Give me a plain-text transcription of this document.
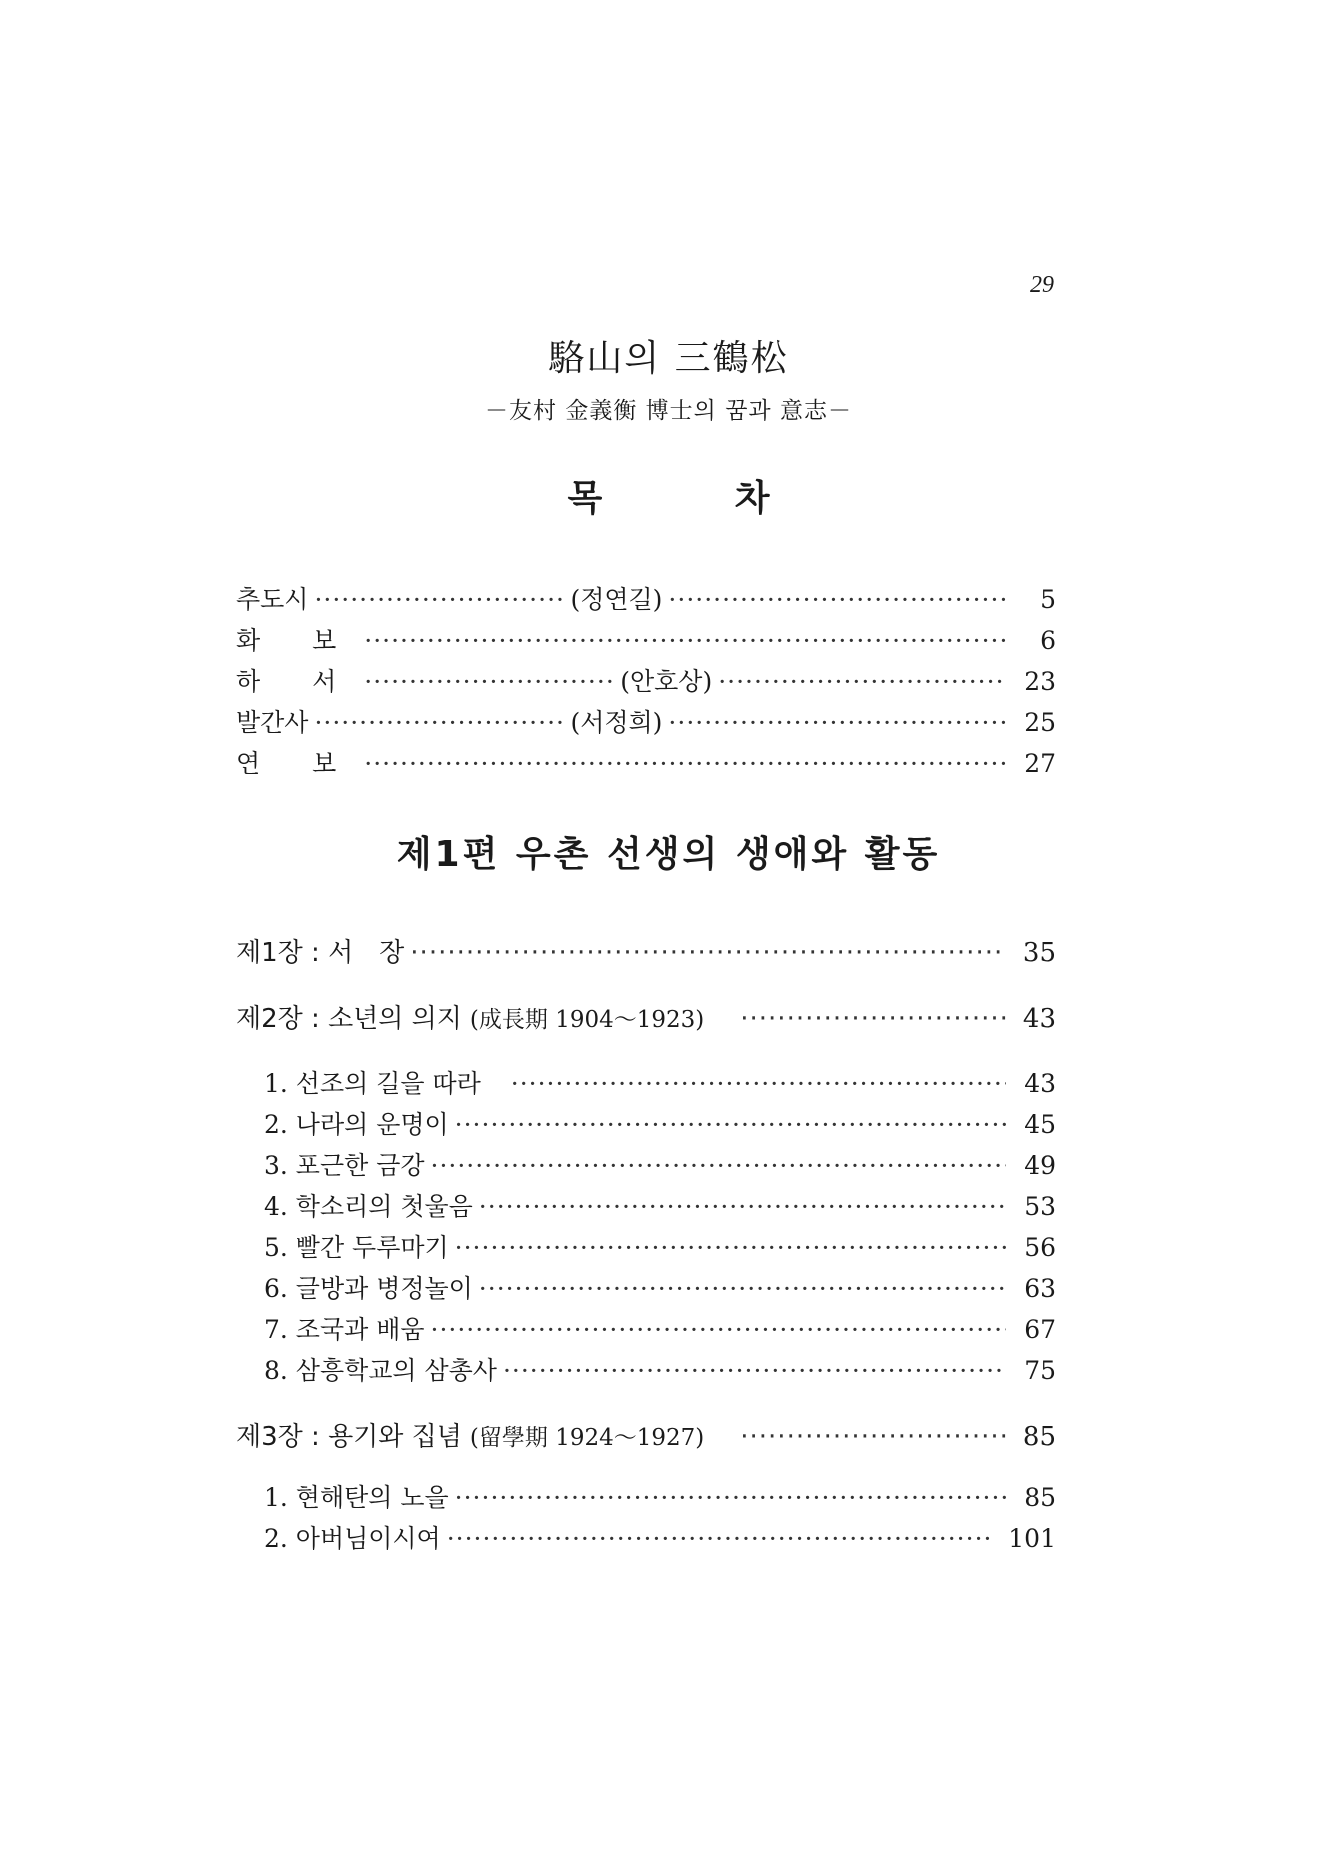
29
駱山의 三鶴松
－友村 金義衡 博士의 꿈과 意志－
목 차
추도시 ·····	(정연길) ·····	5
화 보 ·····	6
하 서 ·····	(안호상) ·····	23
발간사 ·····	(서정희) ·····	25
연 보 ·····	27
제1편 우촌 선생의 생애와 활동
제1장 : 서　장 ·····	35
제2장 : 소년의 의지 (成長期 1904～1923) ·····	43
1. 선조의 길을 따라 ·····	43
2. 나라의 운명이 ·····	45
3. 포근한 금강 ·····	49
4. 학소리의 첫울음 ·····	53
5. 빨간 두루마기 ·····	56
6. 글방과 병정놀이 ·····	63
7. 조국과 배움 ·····	67
8. 삼흥학교의 삼총사 ·····	75
제3장 : 용기와 집념 (留學期 1924～1927) ·····	85
1. 현해탄의 노을 ·····	85
2. 아버님이시여 ·····	101
